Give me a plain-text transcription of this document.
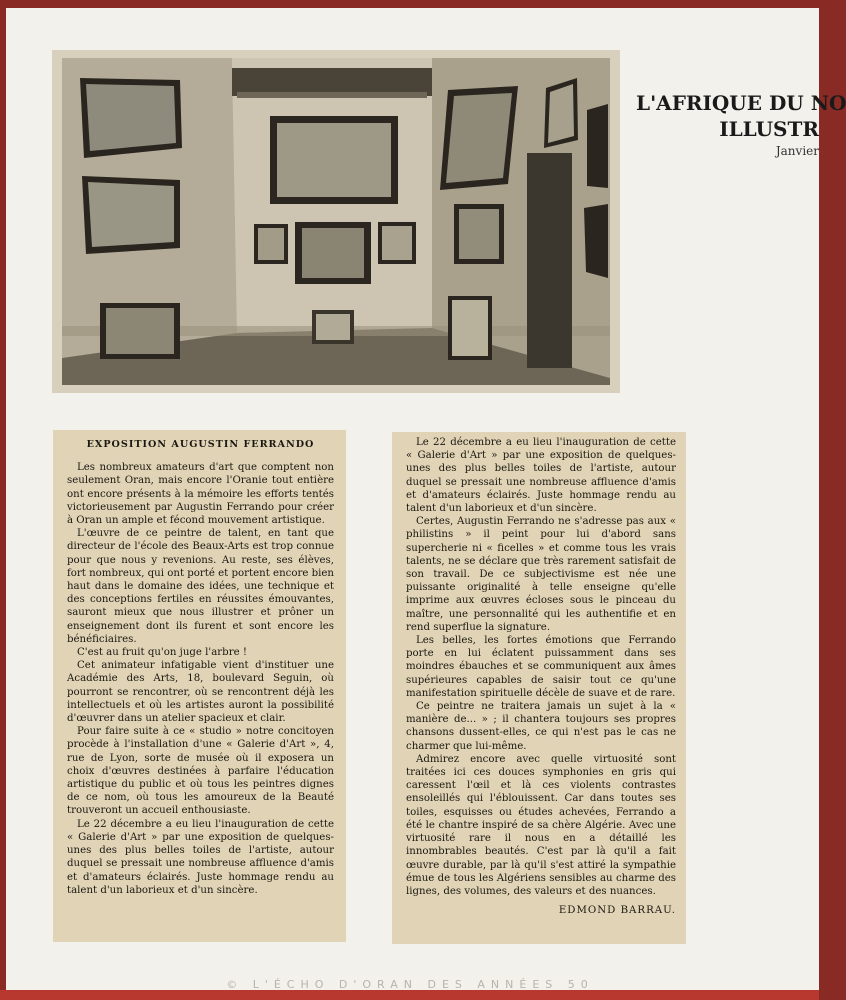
L'AFRIQUE DU NO
ILLUSTR
Janvier
EXPOSITION AUGUSTIN FERRANDO

Les nombreux amateurs d'art que comptent non seulement Oran, mais encore l'Oranie tout entière ont encore présents à la mémoire les efforts tentés victorieusement par Augustin Ferrando pour créer à Oran un ample et fécond mouvement artistique.

L'œuvre de ce peintre de talent, en tant que directeur de l'école des Beaux-Arts est trop connue pour que nous y revenions. Au reste, ses élèves, fort nombreux, qui ont porté et portent encore bien haut dans le domaine des idées, une technique et des conceptions fertiles en réussites émouvantes, sauront mieux que nous illustrer et prôner un enseignement dont ils furent et sont encore les bénéficiaires.

C'est au fruit qu'on juge l'arbre !

Cet animateur infatigable vient d'instituer une Académie des Arts, 18, boulevard Seguin, où pourront se rencontrer, où se rencontrent déjà les intellectuels et où les artistes auront la possibilité d'œuvrer dans un atelier spacieux et clair.

Pour faire suite à ce « studio » notre concitoyen procède à l'installation d'une « Galerie d'Art », 4, rue de Lyon, sorte de musée où il exposera un choix d'œuvres destinées à parfaire l'éducation artistique du public et où tous les peintres dignes de ce nom, où tous les amoureux de la Beauté trouveront un accueil enthousiaste.

Le 22 décembre a eu lieu l'inauguration de cette « Galerie d'Art » par une exposition de quelques-unes des plus belles toiles de l'artiste, autour duquel se pressait une nombreuse affluence d'amis et d'amateurs éclairés. Juste hommage rendu au talent d'un laborieux et d'un sincère.

Le 22 décembre a eu lieu l'inauguration de cette « Galerie d'Art » par une exposition de quelques-unes des plus belles toiles de l'artiste, autour duquel se pressait une nombreuse affluence d'amis et d'amateurs éclairés. Juste hommage rendu au talent d'un laborieux et d'un sincère.

Certes, Augustin Ferrando ne s'adresse pas aux « philistins » il peint pour lui d'abord sans supercherie ni « ficelles » et comme tous les vrais talents, ne se déclare que très rarement satisfait de son travail. De ce subjectivisme est née une puissante originalité à telle enseigne qu'elle imprime aux œuvres écloses sous le pinceau du maître, une personnalité qui les authentifie et en rend superflue la signature.

Les belles, les fortes émotions que Ferrando porte en lui éclatent puissamment dans ses moindres ébauches et se communiquent aux âmes supérieures capables de saisir tout ce qu'une manifestation spirituelle décèle de suave et de rare.

Ce peintre ne traitera jamais un sujet à la « manière de... » ; il chantera toujours ses propres chansons dussent-elles, ce qui n'est pas le cas ne charmer que lui-même.

Admirez encore avec quelle virtuosité sont traitées ici ces douces symphonies en gris qui caressent l'œil et là ces violents contrastes ensoleillés qui l'éblouissent. Car dans toutes ses toiles, esquisses ou études achevées, Ferrando a été le chantre inspiré de sa chère Algérie. Avec une virtuosité rare il nous en a détaillé les innombrables beautés. C'est par là qu'il a fait œuvre durable, par là qu'il s'est attiré la sympathie émue de tous les Algériens sensibles au charme des lignes, des volumes, des valeurs et des nuances.

EDMOND BARRAU.
© L'ÉCHO D'ORAN DES ANNÉES 50
